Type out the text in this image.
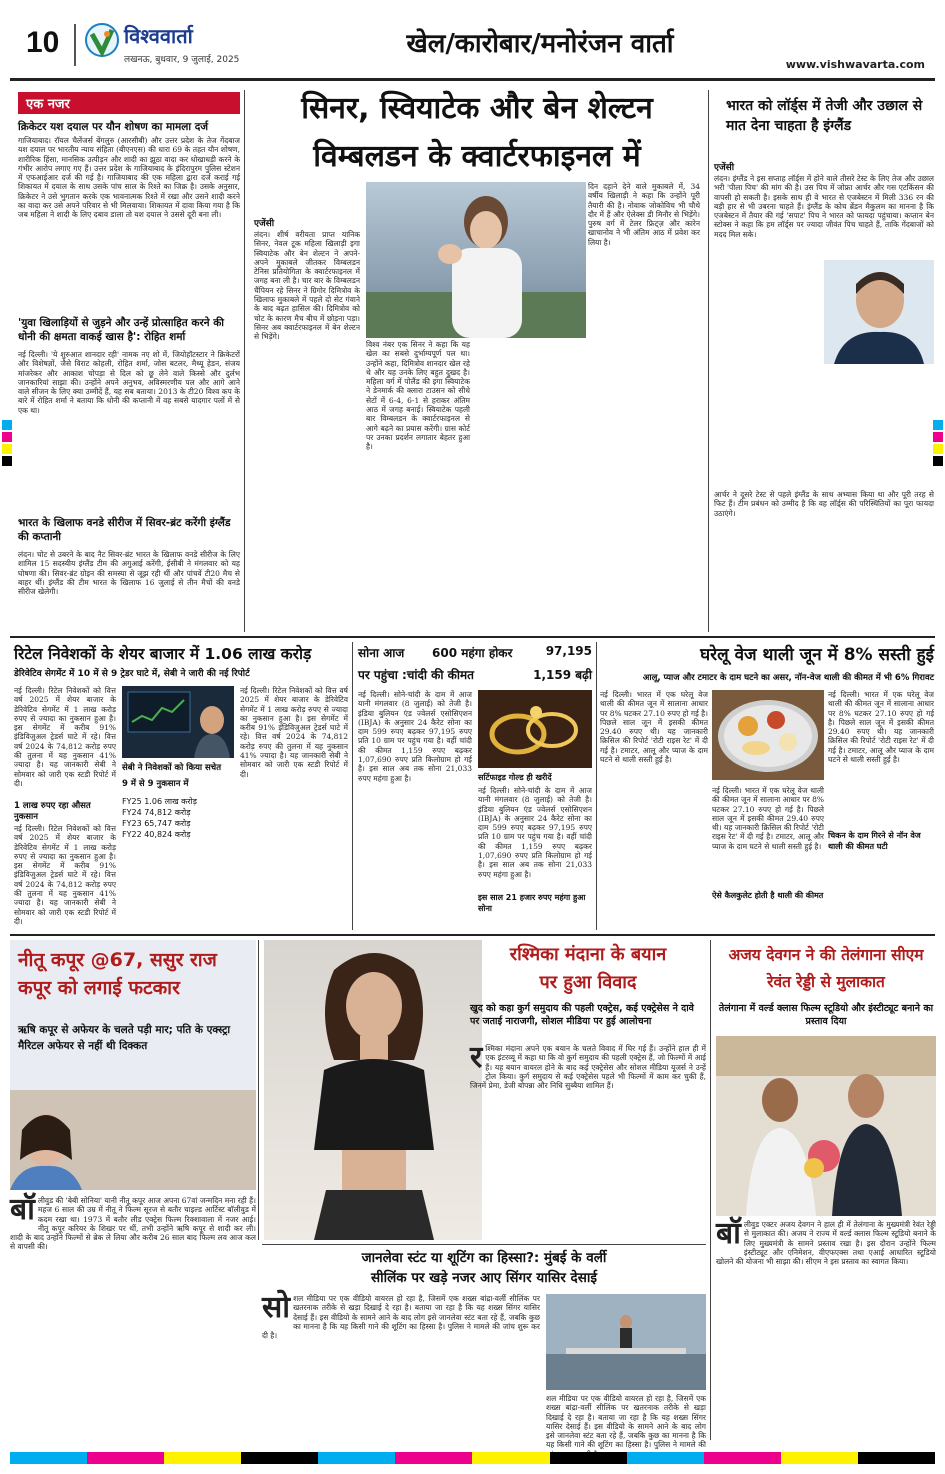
10	विश्ववार्ता
लखनऊ, बुधवार, 9 जुलाई, 2025
खेल/कारोबार/मनोरंजन वार्ता
www.vishwavarta.com
एक नजर
क्रिकेटर यश दयाल पर यौन शोषण का मामला दर्ज
गाजियाबाद। रॉयल चैलेंजर्स बेंगलुरु (आरसीबी) और उत्तर प्रदेश के तेज गेंदबाज यश दयाल पर भारतीय न्याय संहिता (बीएनएस) की धारा 69 के तहत यौन शोषण, शारीरिक हिंसा, मानसिक उत्पीड़न और शादी का झूठा वादा कर धोखाधड़ी करने के गंभीर आरोप लगाए गए हैं। उत्तर प्रदेश के गाजियाबाद के इंदिरापुरम पुलिस स्टेशन में एफआईआर दर्ज की गई है। गाजियाबाद की एक महिला द्वारा दर्ज कराई गई शिकायत में दयाल के साथ उसके पांच साल के रिश्ते का जिक्र है। उसके अनुसार, क्रिकेटर ने उसे भुगतान करके एक भावनात्मक रिश्ते में रखा और उसने शादी करने का वादा कर उसे अपने परिवार से भी मिलवाया। शिकायत में दावा किया गया है कि जब महिला ने शादी के लिए दबाव डाला तो यश दयाल ने उससे दूरी बना ली।
'युवा खिलाड़ियों से जुड़ने और उन्हें प्रोत्साहित करने की धोनी की क्षमता वाकई खास है': रोहित शर्मा
नई दिल्ली। 'ये शुरुआत शानदार रही' नामक नए शो में, जियोहॉटस्टार ने क्रिकेटरों और विशेषज्ञों, जैसे विराट कोहली, रोहित शर्मा, जोस बटलर, मैथ्यू हेडन, संजय मांजरेकर और आकाश चोपड़ा से दिल को छू लेने वाले किस्से और दुर्लभ जानकारियां साझा की। उन्होंने अपने अनुभव, अविस्मरणीय पल और आगे आने वाले सीजन के लिए क्या उम्मीदें हैं, यह सब बताया। 2013 के टी20 विश्व कप के बारे में रोहित शर्मा ने बताया कि धोनी की कप्तानी में वह सबसे यादगार पलों में से एक था।
भारत के खिलाफ वनडे सीरीज में सिवर-ब्रंट करेंगी इंग्लैंड की कप्तानी
लंदन। चोट से उबरने के बाद नैट सिवर-ब्रंट भारत के खिलाफ वनडे सीरीज के लिए शामिल 15 सदस्यीय इंग्लैंड टीम की अगुआई करेंगी, ईसीबी ने मंगलवार को यह घोषणा की। सिवर-ब्रंट ग्रोइन की समस्या से जूझ रही थीं और पांचवें टी20 मैच से बाहर थीं। इंग्लैंड की टीम भारत के खिलाफ 16 जुलाई से तीन मैचों की वनडे सीरीज खेलेगी।
सिनर, स्वियाटेक और बेन शेल्टन
विम्बलडन के क्वार्टरफाइनल में
एजेंसी
लंदन। शीर्ष वरीयता प्राप्त यानिक सिनर, नेवल टूक महिला खिलाड़ी इगा स्वियाटेक और बेन शेल्टन ने अपने-अपने मुकाबले जीतकर विम्बलडन टेनिस प्रतियोगिता के क्वार्टरफाइनल में जगह बना ली है। चार बार के विम्बलडन चैंपियन रहे सिनर ने ग्रिगोर दिमित्रोव के खिलाफ मुकाबले में पहले दो सेट गंवाने के बाद बढ़त हासिल की। दिमित्रोव को चोट के कारण मैच बीच में छोड़ना पड़ा। सिनर अब क्वार्टरफाइनल में बेन शेल्टन से भिड़ेंगे।
विश्व नंबर एक सिनर ने कहा कि यह खेल का सबसे दुर्भाग्यपूर्ण पल था। उन्होंने कहा, दिमित्रोव शानदार खेल रहे थे और यह उनके लिए बहुत दुखद है। महिला वर्ग में पोलैंड की इगा स्वियाटेक ने डेनमार्क की क्लारा टाउसन को सीधे सेटों में 6-4, 6-1 से हराकर अंतिम आठ में जगह बनाई। स्वियाटेक पहली बार विम्बलडन के क्वार्टरफाइनल से आगे बढ़ने का प्रयास करेंगी। ग्रास कोर्ट पर उनका प्रदर्शन लगातार बेहतर हुआ है।
दिन दहाने देने वाले मुकाबले में, 34 वर्षीय खिलाड़ी ने कहा कि उन्होंने पूरी तैयारी की है। नोवाक जोकोविच भी चौथे दौर में हैं और ऐलेक्स डी मिनौर से भिड़ेंगे। पुरुष वर्ग में टेलर फ्रिट्ज़ और कारेन खाचानोव ने भी अंतिम आठ में प्रवेश कर लिया है।
भारत को लॉर्ड्स में तेजी और उछाल से मात देना चाहता है इंग्लैंड
एजेंसी
लंदन। इंग्लैंड ने इस सप्ताह लॉर्ड्स में होने वाले तीसरे टेस्ट के लिए तेज और उछाल भरी 'पीला पिच' की मांग की है। उस पिच में जोफ्रा आर्चर और गस एटकिंसन की वापसी हो सकती है। इसके साथ ही वे भारत से एजबेस्टन में मिली 336 रन की बड़ी हार से भी उबरना चाहते हैं। इंग्लैंड के कोच ब्रेंडन मैकुलम का मानना है कि एजबेस्टन में तैयार की गई 'सपाट' पिच ने भारत को फायदा पहुंचाया। कप्तान बेन स्टोक्स ने कहा कि हम लॉर्ड्स पर ज्यादा जीवंत पिच चाहते हैं, ताकि गेंदबाजों को मदद मिल सके।
आर्चर ने दूसरे टेस्ट से पहले इंग्लैंड के साथ अभ्यास किया था और पूरी तरह से फिट हैं। टीम प्रबंधन को उम्मीद है कि वह लॉर्ड्स की परिस्थितियों का पूरा फायदा उठाएंगे।
रिटेल निवेशकों के शेयर बाजार में 1.06 लाख करोड़
डेरिवेटिव सेगमेंट में 10 में से 9 ट्रेडर घाटे में, सेबी ने जारी की नई रिपोर्ट
नई दिल्ली। रिटेल निवेशकों को वित्त वर्ष 2025 में शेयर बाजार के डेरिवेटिव सेगमेंट में 1 लाख करोड़ रुपए से ज्यादा का नुकसान हुआ है। इस सेगमेंट में करीब 91% इंडिविजुअल ट्रेडर्स घाटे में रहे। वित्त वर्ष 2024 के 74,812 करोड़ रुपए की तुलना में यह नुकसान 41% ज्यादा है। यह जानकारी सेबी ने सोमवार को जारी एक स्टडी रिपोर्ट में दी।
1 लाख रुपए रहा औसत नुकसान
नई दिल्ली। रिटेल निवेशकों को वित्त वर्ष 2025 में शेयर बाजार के डेरिवेटिव सेगमेंट में 1 लाख करोड़ रुपए से ज्यादा का नुकसान हुआ है। इस सेगमेंट में करीब 91% इंडिविजुअल ट्रेडर्स घाटे में रहे। वित्त वर्ष 2024 के 74,812 करोड़ रुपए की तुलना में यह नुकसान 41% ज्यादा है। यह जानकारी सेबी ने सोमवार को जारी एक स्टडी रिपोर्ट में दी।
सेबी ने निवेशकों को किया सचेत
9 में से 9 नुकसान में
FY25 1.06 लाख करोड़
FY24 74,812 करोड़
FY23 65,747 करोड़
FY22 40,824 करोड़
नई दिल्ली। रिटेल निवेशकों को वित्त वर्ष 2025 में शेयर बाजार के डेरिवेटिव सेगमेंट में 1 लाख करोड़ रुपए से ज्यादा का नुकसान हुआ है। इस सेगमेंट में करीब 91% इंडिविजुअल ट्रेडर्स घाटे में रहे। वित्त वर्ष 2024 के 74,812 करोड़ रुपए की तुलना में यह नुकसान 41% ज्यादा है। यह जानकारी सेबी ने सोमवार को जारी एक स्टडी रिपोर्ट में दी।
सोना आज	600 महंगा होकर	97,195
पर पहुंचा :चांदी की कीमत	1,159 बढ़ी
नई दिल्ली। सोने-चांदी के दाम में आज यानी मंगलवार (8 जुलाई) को तेजी है। इंडिया बुलियन एंड ज्वेलर्स एसोसिएशन (IBJA) के अनुसार 24 कैरेट सोना का दाम 599 रुपए बढ़कर 97,195 रुपए प्रति 10 ग्राम पर पहुंच गया है। वहीं चांदी की कीमत 1,159 रुपए बढ़कर 1,07,690 रुपए प्रति किलोग्राम हो गई है। इस साल अब तक सोना 21,033 रुपए महंगा हुआ है।	सर्टिफाइड गोल्ड ही खरीदें
नई दिल्ली। सोने-चांदी के दाम में आज यानी मंगलवार (8 जुलाई) को तेजी है। इंडिया बुलियन एंड ज्वेलर्स एसोसिएशन (IBJA) के अनुसार 24 कैरेट सोना का दाम 599 रुपए बढ़कर 97,195 रुपए प्रति 10 ग्राम पर पहुंच गया है। वहीं चांदी की कीमत 1,159 रुपए बढ़कर 1,07,690 रुपए प्रति किलोग्राम हो गई है। इस साल अब तक सोना 21,033 रुपए महंगा हुआ है।
इस साल 21 हजार रुपए महंगा हुआ सोना
घरेलू वेज थाली जून में 8% सस्ती हुई
आलू, प्याज और टमाटर के दाम घटने का असर, नॉन-वेज थाली की कीमत में भी 6% गिरावट
नई दिल्ली। भारत में एक घरेलू वेज थाली की कीमत जून में सालाना आधार पर 8% घटकर 27.10 रुपए हो गई है। पिछले साल जून में इसकी कीमत 29.40 रुपए थी। यह जानकारी क्रिसिल की रिपोर्ट 'रोटी राइस रेट' में दी गई है। टमाटर, आलू और प्याज के दाम घटने से थाली सस्ती हुई है।
चिकन के दाम गिरने से नॉन वेज थाली की कीमत घटी
नई दिल्ली। भारत में एक घरेलू वेज थाली की कीमत जून में सालाना आधार पर 8% घटकर 27.10 रुपए हो गई है। पिछले साल जून में इसकी कीमत 29.40 रुपए थी। यह जानकारी क्रिसिल की रिपोर्ट 'रोटी राइस रेट' में दी गई है। टमाटर, आलू और प्याज के दाम घटने से थाली सस्ती हुई है।
ऐसे कैलकुलेट होती है थाली की कीमत
नई दिल्ली। भारत में एक घरेलू वेज थाली की कीमत जून में सालाना आधार पर 8% घटकर 27.10 रुपए हो गई है। पिछले साल जून में इसकी कीमत 29.40 रुपए थी। यह जानकारी क्रिसिल की रिपोर्ट 'रोटी राइस रेट' में दी गई है। टमाटर, आलू और प्याज के दाम घटने से थाली सस्ती हुई है।
नीतू कपूर @67, ससुर राज कपूर को लगाई फटकार
ऋषि कपूर से अफेयर के चलते पड़ी मार; पति के एक्स्ट्रा मैरिटल अफेयर से नहीं थी दिक्कत
बॉ लीवुड की 'बेबी सोनिया' यानी नीतू कपूर आज अपना 67वां जन्मदिन मना रही हैं। महज 6 साल की उम्र में नीतू ने फिल्म सूरज से बतौर चाइल्ड आर्टिस्ट बॉलीवुड में कदम रखा था। 1973 में बतौर लीड एक्ट्रेस फिल्म रिक्शावाला में नजर आई। नीतू कपूर करियर के शिखर पर थीं, तभी उन्होंने ऋषि कपूर से शादी कर ली। शादी के बाद उन्होंने फिल्मों से ब्रेक ले लिया और करीब 26 साल बाद फिल्म लव आज कल से वापसी की।
रश्मिका मंदाना के बयान
पर हुआ विवाद
खुद को कहा कुर्ग समुदाय की पहली एक्ट्रेस, कई एक्ट्रेसेस ने दावे पर जताई नाराजगी, सोशल मीडिया पर हुई आलोचना
र श्मिका मंदाना अपने एक बयान के चलते विवाद में घिर गई हैं। उन्होंने हाल ही में एक इंटरव्यू में कहा था कि वो कुर्ग समुदाय की पहली एक्ट्रेस हैं, जो फिल्मों में आई हैं। यह बयान वायरल होने के बाद कई एक्ट्रेसेस और सोशल मीडिया यूजर्स ने उन्हें ट्रोल किया। कुर्ग समुदाय से कई एक्ट्रेसेस पहले भी फिल्मों में काम कर चुकी हैं, जिनमें प्रेमा, डेजी बोपन्ना और निधि सुब्बैया शामिल हैं।
अजय देवगन ने की तेलंगाना सीएम रेवंत रेड्डी से मुलाकात
तेलंगाना में वर्ल्ड क्लास फिल्म स्टूडियो और इंस्टीट्यूट बनाने का प्रस्ताव दिया
बॉ लीवुड एक्टर अजय देवगन ने हाल ही में तेलंगाना के मुख्यमंत्री रेवंत रेड्डी से मुलाकात की। अजय ने राज्य में वर्ल्ड क्लास फिल्म स्टूडियो बनाने के लिए मुख्यमंत्री के सामने प्रस्ताव रखा है। इस दौरान उन्होंने फिल्म इंस्टीट्यूट और एनिमेशन, वीएफएक्स तथा एआई आधारित स्टूडियो खोलने की योजना भी साझा की। सीएम ने इस प्रस्ताव का स्वागत किया।
जानलेवा स्टंट या शूटिंग का हिस्सा?: मुंबई के वर्ली
सीलिंक पर खड़े नजर आए सिंगर यासिर देसाई
सो शल मीडिया पर एक वीडियो वायरल हो रहा है, जिसमें एक शख्स बांद्रा-वर्ली सीलिंक पर खतरनाक तरीके से खड़ा दिखाई दे रहा है। बताया जा रहा है कि यह शख्स सिंगर यासिर देसाई हैं। इस वीडियो के सामने आने के बाद लोग इसे जानलेवा स्टंट बता रहे हैं, जबकि कुछ का मानना है कि यह किसी गाने की शूटिंग का हिस्सा है। पुलिस ने मामले की जांच शुरू कर दी है।
शल मीडिया पर एक वीडियो वायरल हो रहा है, जिसमें एक शख्स बांद्रा-वर्ली सीलिंक पर खतरनाक तरीके से खड़ा दिखाई दे रहा है। बताया जा रहा है कि यह शख्स सिंगर यासिर देसाई हैं। इस वीडियो के सामने आने के बाद लोग इसे जानलेवा स्टंट बता रहे हैं, जबकि कुछ का मानना है कि यह किसी गाने की शूटिंग का हिस्सा है। पुलिस ने मामले की
